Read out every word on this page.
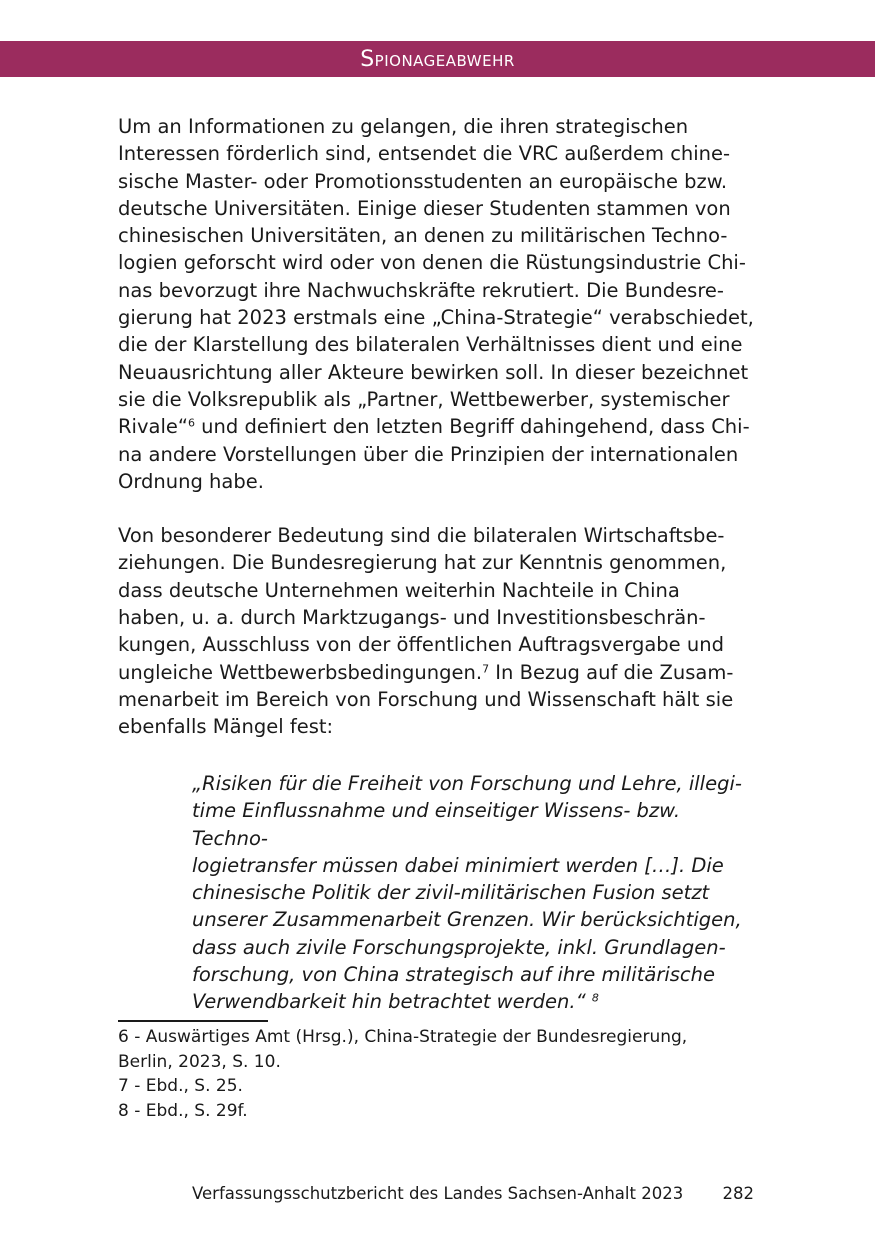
Spionageabwehr

Um an Informationen zu gelangen, die ihren strategischen
Interessen förderlich sind, entsendet die VRC außerdem chine-
sische Master- oder Promotionsstudenten an europäische bzw.
deutsche Universitäten. Einige dieser Studenten stammen von
chinesischen Universitäten, an denen zu militärischen Techno-
logien geforscht wird oder von denen die Rüstungsindustrie Chi-
nas bevorzugt ihre Nachwuchskräfte rekrutiert. Die Bundesre-
gierung hat 2023 erstmals eine „China-Strategie“ verabschiedet,
die der Klarstellung des bilateralen Verhältnisses dient und eine
Neuausrichtung aller Akteure bewirken soll. In dieser bezeichnet
sie die Volksrepublik als „Partner, Wettbewerber, systemischer
Rivale“$^6$ und definiert den letzten Begriff dahingehend, dass Chi-
na andere Vorstellungen über die Prinzipien der internationalen
Ordnung habe.

Von besonderer Bedeutung sind die bilateralen Wirtschaftsbe-
ziehungen. Die Bundesregierung hat zur Kenntnis genommen,
dass deutsche Unternehmen weiterhin Nachteile in China
haben, u. a. durch Marktzugangs- und Investitionsbeschrän-
kungen, Ausschluss von der öffentlichen Auftragsvergabe und
ungleiche Wettbewerbsbedingungen.$^7$ In Bezug auf die Zusam-
menarbeit im Bereich von Forschung und Wissenschaft hält sie
ebenfalls Mängel fest:

„Risiken für die Freiheit von Forschung und Lehre, illegi-
time Einflussnahme und einseitiger Wissens- bzw. Techno-
logietransfer müssen dabei minimiert werden […]. Die
chinesische Politik der zivil-militärischen Fusion setzt
unserer Zusammenarbeit Grenzen. Wir berücksichtigen,
dass auch zivile Forschungsprojekte, inkl. Grundlagen-
forschung, von China strategisch auf ihre militärische
Verwendbarkeit hin betrachtet werden.“ $^8$

6 - Auswärtiges Amt (Hrsg.), China-Strategie der Bundesregierung,
Berlin, 2023, S. 10.

7 - Ebd., S. 25.

8 - Ebd., S. 29f.

Verfassungsschutzbericht des Landes Sachsen-Anhalt 2023 282
